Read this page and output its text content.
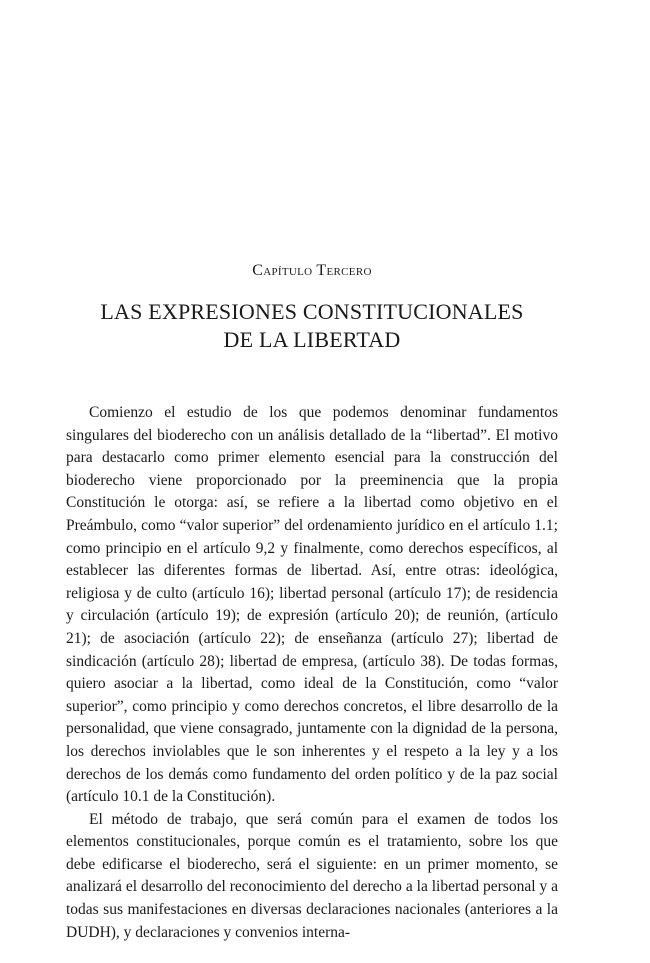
Capítulo Tercero
LAS EXPRESIONES CONSTITUCIONALES
DE LA LIBERTAD

Comienzo el estudio de los que podemos denominar fundamentos singulares del bioderecho con un análisis detallado de la “libertad”. El motivo para destacarlo como primer elemento esencial para la construcción del bioderecho viene proporcionado por la preeminencia que la propia Constitución le otorga: así, se refiere a la libertad como objetivo en el Preámbulo, como “valor superior” del ordenamiento jurídico en el artículo 1.1; como principio en el artículo 9,2 y finalmente, como derechos específicos, al establecer las diferentes formas de libertad. Así, entre otras: ideológica, religiosa y de culto (artículo 16); libertad personal (artículo 17); de residencia y circulación (artículo 19); de expresión (artículo 20); de reunión, (artículo 21); de asociación (artículo 22); de enseñanza (artículo 27); libertad de sindicación (artículo 28); libertad de empresa, (artículo 38). De todas formas, quiero asociar a la libertad, como ideal de la Constitución, como “valor superior”, como principio y como derechos concretos, el libre desarrollo de la personalidad, que viene consagrado, juntamente con la dignidad de la persona, los derechos inviolables que le son inherentes y el respeto a la ley y a los derechos de los demás como fundamento del orden político y de la paz social (artículo 10.1 de la Constitución).

El método de trabajo, que será común para el examen de todos los elementos constitucionales, porque común es el tratamiento, sobre los que debe edificarse el bioderecho, será el siguiente: en un primer momento, se analizará el desarrollo del reconocimiento del derecho a la libertad personal y a todas sus manifestaciones en diversas declaraciones nacionales (anteriores a la DUDH), y declaraciones y convenios interna-
